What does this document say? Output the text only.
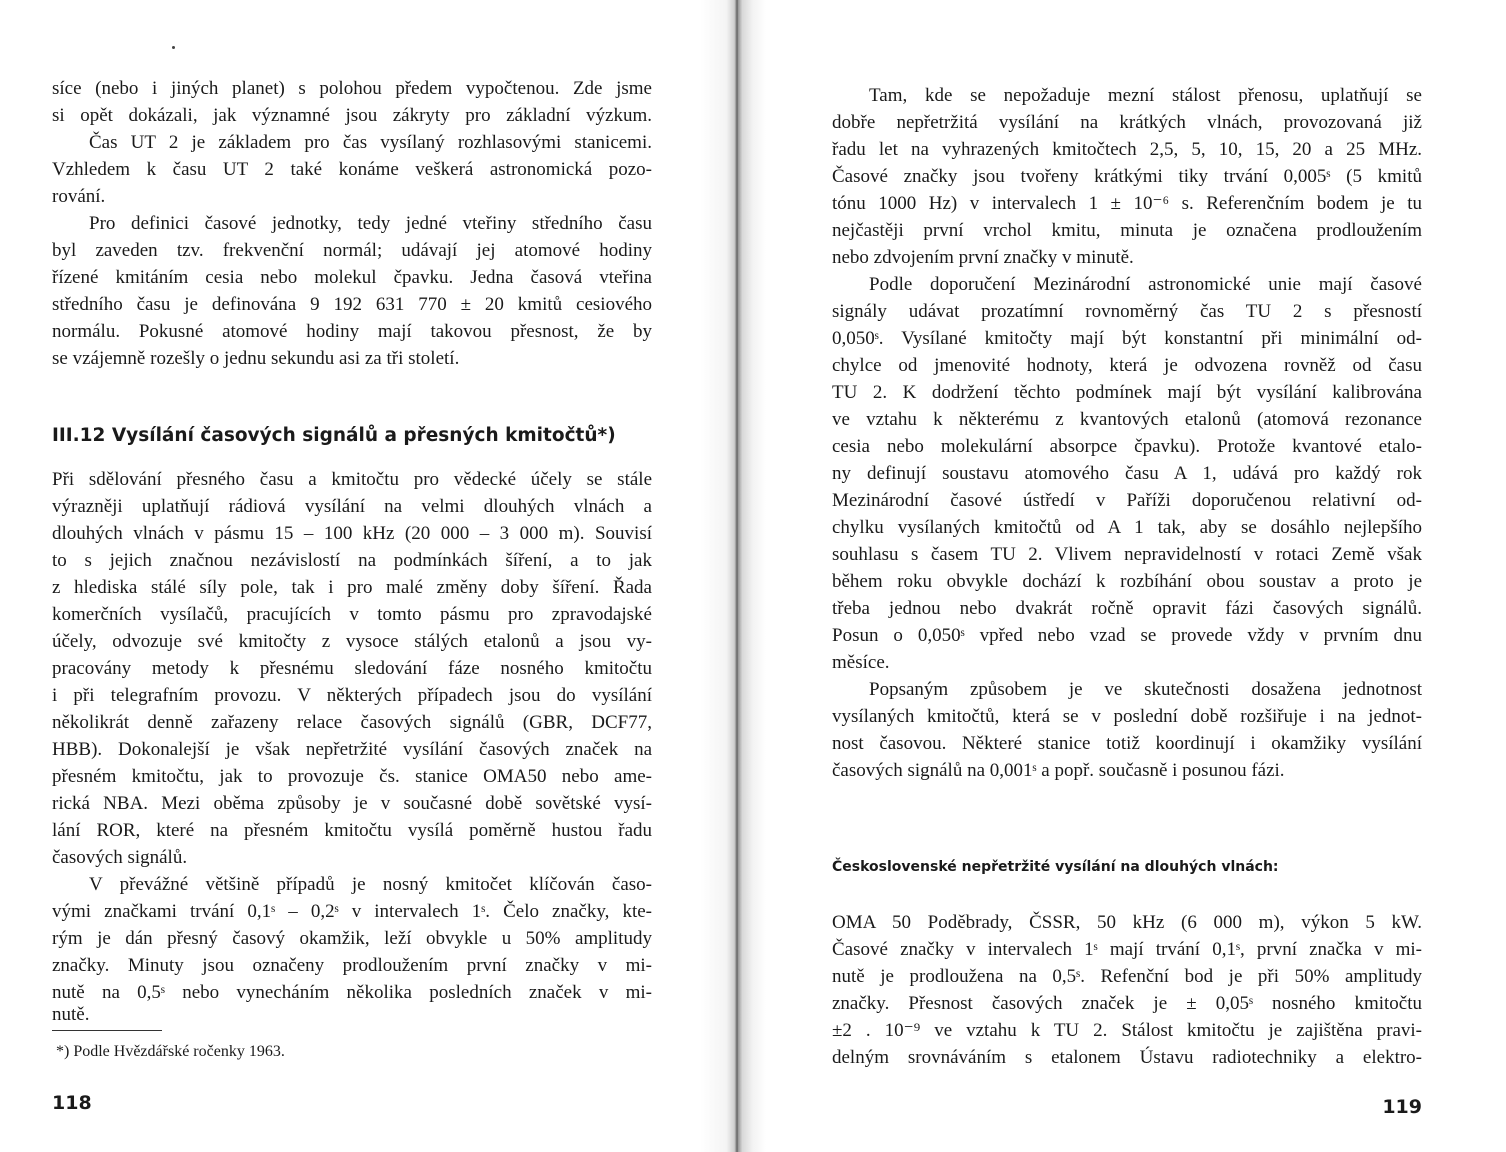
síce (nebo i jiných planet) s polohou předem vypočtenou. Zde jsme
si opět dokázali, jak významné jsou zákryty pro základní výzkum.
Čas UT 2 je základem pro čas vysílaný rozhlasovými stanicemi.
Vzhledem k času UT 2 také konáme veškerá astronomická pozo-
rování.
Pro definici časové jednotky, tedy jedné vteřiny středního času
byl zaveden tzv. frekvenční normál; udávají jej atomové hodiny
řízené kmitáním cesia nebo molekul čpavku. Jedna časová vteřina
středního času je definována 9 192 631 770 ± 20 kmitů cesiového
normálu. Pokusné atomové hodiny mají takovou přesnost, že by
se vzájemně rozešly o jednu sekundu asi za tři století.
III.12 Vysílání časových signálů a přesných kmitočtů*)
Při sdělování přesného času a kmitočtu pro vědecké účely se stále
výrazněji uplatňují rádiová vysílání na velmi dlouhých vlnách a
dlouhých vlnách v pásmu 15 – 100 kHz (20 000 – 3 000 m). Souvisí
to s jejich značnou nezávislostí na podmínkách šíření, a to jak
z hlediska stálé síly pole, tak i pro malé změny doby šíření. Řada
komerčních vysílačů, pracujících v tomto pásmu pro zpravodajské
účely, odvozuje své kmitočty z vysoce stálých etalonů a jsou vy-
pracovány metody k přesnému sledování fáze nosného kmitočtu
i při telegrafním provozu. V některých případech jsou do vysílání
několikrát denně zařazeny relace časových signálů (GBR, DCF77,
HBB). Dokonalejší je však nepřetržité vysílání časových značek na
přesném kmitočtu, jak to provozuje čs. stanice OMA50 nebo ame-
rická NBA. Mezi oběma způsoby je v současné době sovětské vysí-
lání ROR, které na přesném kmitočtu vysílá poměrně hustou řadu
časových signálů.
V převážné většině případů je nosný kmitočet klíčován časo-
vými značkami trvání 0,1ˢ – 0,2ˢ v intervalech 1ˢ. Čelo značky, kte-
rým je dán přesný časový okamžik, leží obvykle u 50% amplitudy
značky. Minuty jsou označeny prodloužením první značky v mi-
nutě na 0,5ˢ nebo vynecháním několika posledních značek v mi-
nutě.
*) Podle Hvězdářské ročenky 1963.
118
Tam, kde se nepožaduje mezní stálost přenosu, uplatňují se
dobře nepřetržitá vysílání na krátkých vlnách, provozovaná již
řadu let na vyhrazených kmitočtech 2,5, 5, 10, 15, 20 a 25 MHz.
Časové značky jsou tvořeny krátkými tiky trvání 0,005ˢ (5 kmitů
tónu 1000 Hz) v intervalech 1 ± 10⁻⁶ s. Referenčním bodem je tu
nejčastěji první vrchol kmitu, minuta je označena prodloužením
nebo zdvojením první značky v minutě.
Podle doporučení Mezinárodní astronomické unie mají časové
signály udávat prozatímní rovnoměrný čas TU 2 s přesností
0,050ˢ. Vysílané kmitočty mají být konstantní při minimální od-
chylce od jmenovité hodnoty, která je odvozena rovněž od času
TU 2. K dodržení těchto podmínek mají být vysílání kalibrována
ve vztahu k některému z kvantových etalonů (atomová rezonance
cesia nebo molekulární absorpce čpavku). Protože kvantové etalo-
ny definují soustavu atomového času A 1, udává pro každý rok
Mezinárodní časové ústředí v Paříži doporučenou relativní od-
chylku vysílaných kmitočtů od A 1 tak, aby se dosáhlo nejlepšího
souhlasu s časem TU 2. Vlivem nepravidelností v rotaci Země však
během roku obvykle dochází k rozbíhání obou soustav a proto je
třeba jednou nebo dvakrát ročně opravit fázi časových signálů.
Posun o 0,050ˢ vpřed nebo vzad se provede vždy v prvním dnu
měsíce.
Popsaným způsobem je ve skutečnosti dosažena jednotnost
vysílaných kmitočtů, která se v poslední době rozšiřuje i na jednot-
nost časovou. Některé stanice totiž koordinují i okamžiky vysílání
časových signálů na 0,001ˢ a popř. současně i posunou fázi.
Československé nepřetržité vysílání na dlouhých vlnách:
OMA 50 Poděbrady, ČSSR, 50 kHz (6 000 m), výkon 5 kW.
Časové značky v intervalech 1ˢ mají trvání 0,1ˢ, první značka v mi-
nutě je prodloužena na 0,5ˢ. Refenční bod je při 50% amplitudy
značky. Přesnost časových značek je ± 0,05ˢ nosného kmitočtu
±2 . 10⁻⁹ ve vztahu k TU 2. Stálost kmitočtu je zajištěna pravi-
delným srovnáváním s etalonem Ústavu radiotechniky a elektro-
119
